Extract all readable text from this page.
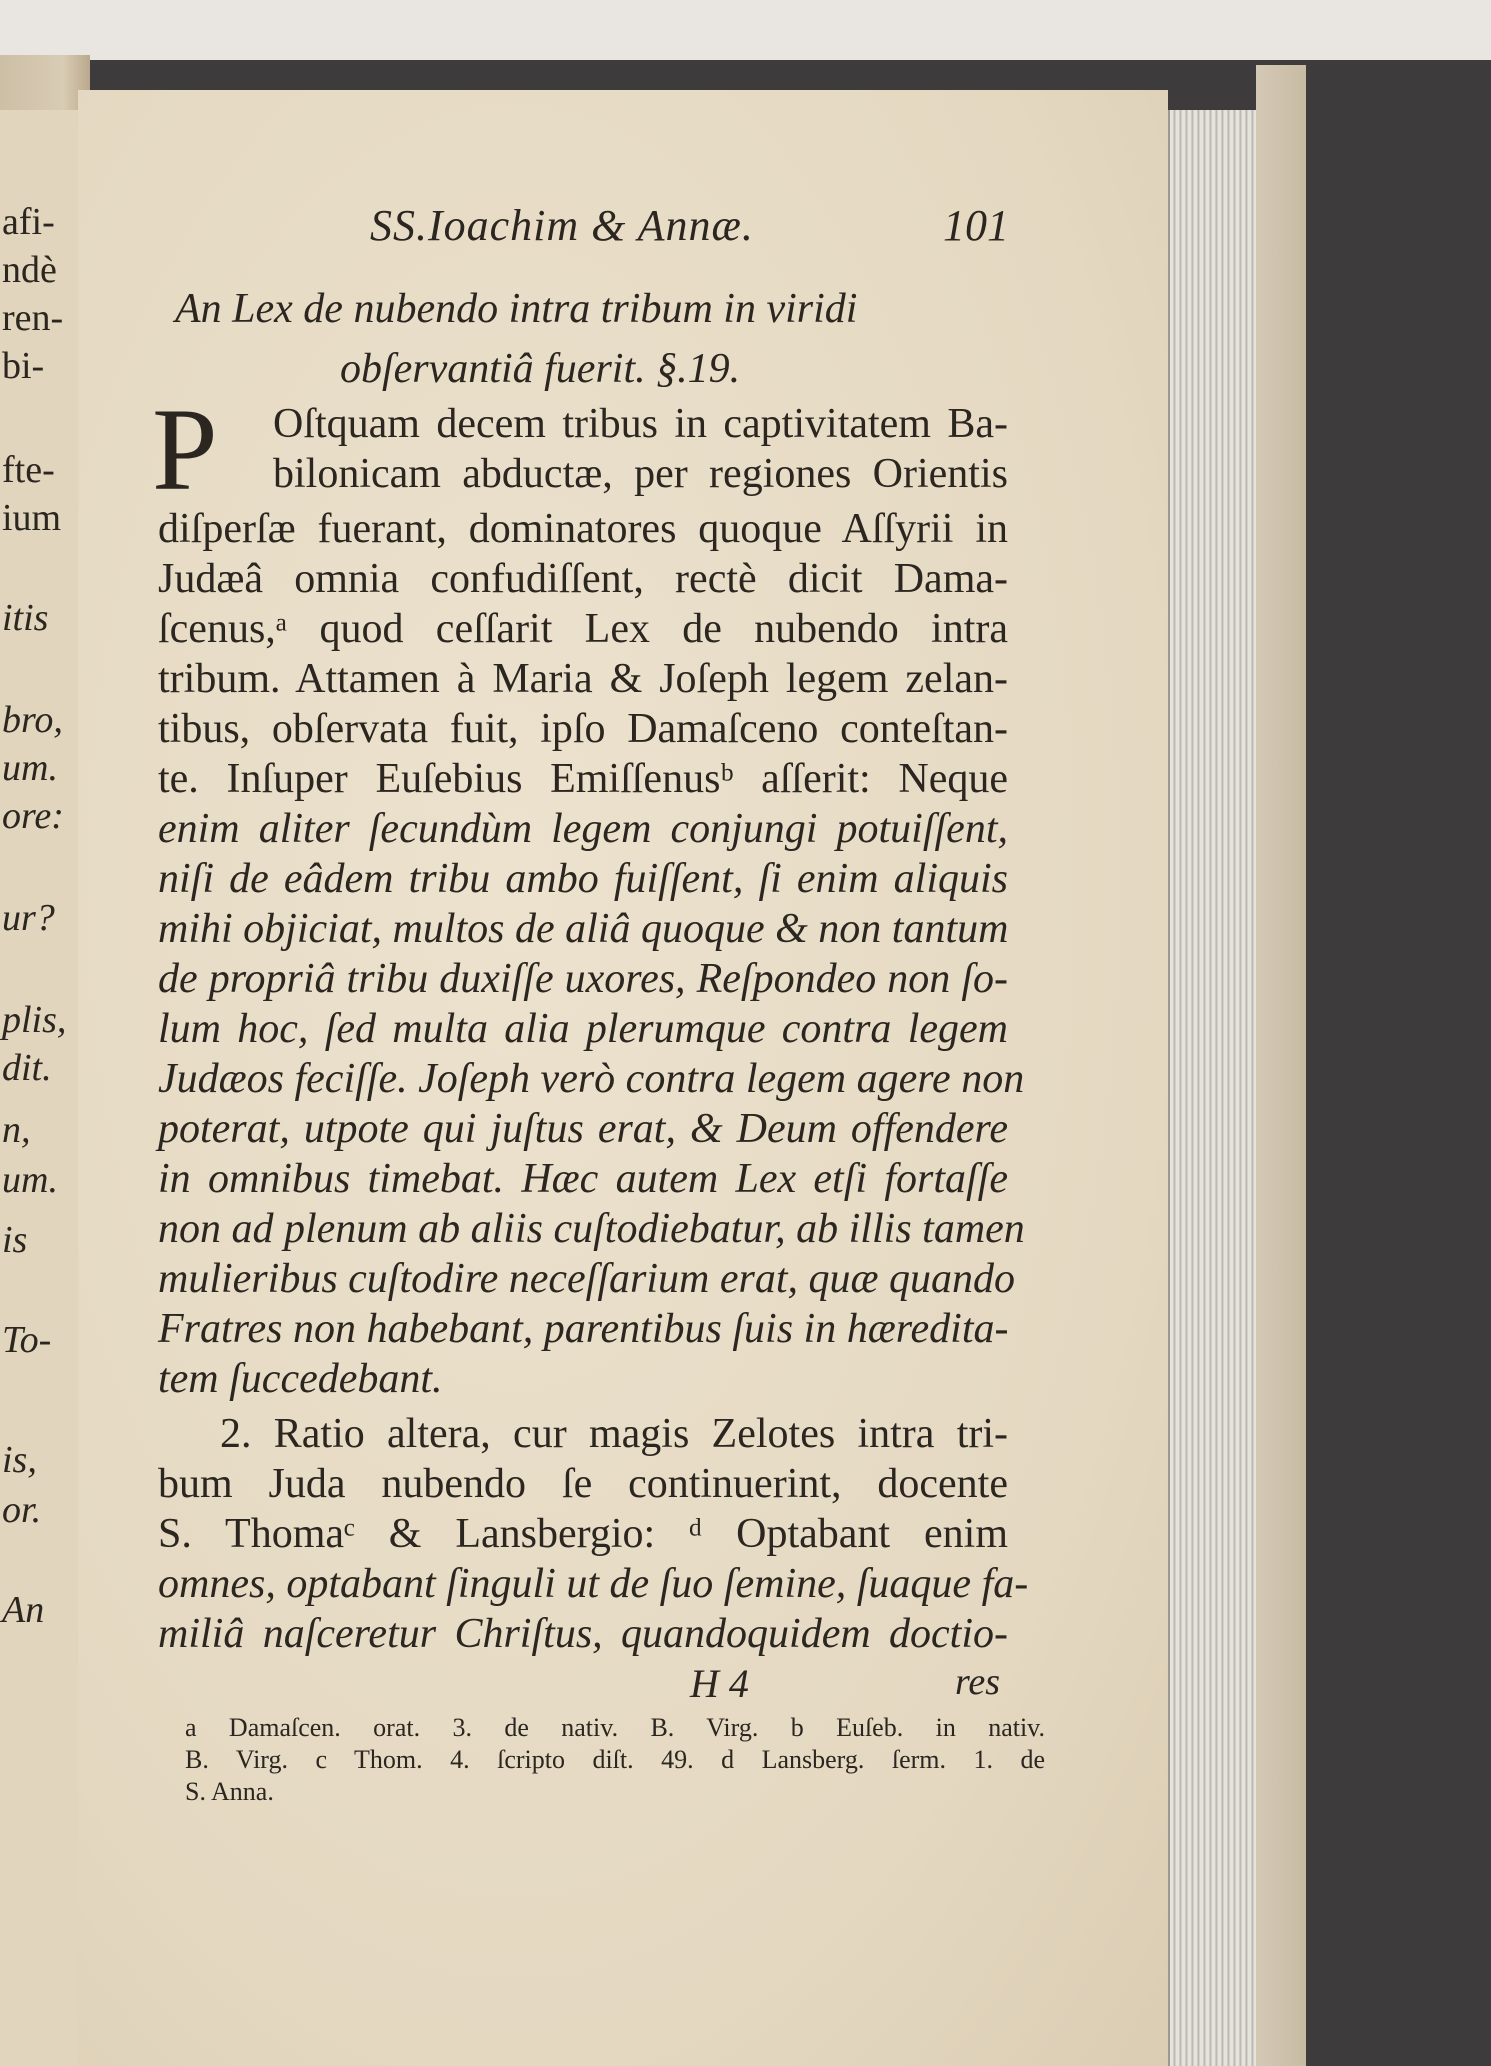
afi-
ndè
ren-
bi-
fte-
ium
itis
bro,
um.
ore:
ur?
plis,
dit.
n,
um.
is
To-
is,
or.
An
SS.Ioachim & Annæ.	101
An Lex de nubendo intra tribum in viridi
obſervantiâ fuerit. §.19.
P Oſtquam decem tribus in captivitatem Ba-
bilonicam abductæ, per regiones Orientis
diſperſæ fuerant, dominatores quoque Aſſyrii in
Judæâ omnia confudiſſent, rectè dicit Dama-
ſcenus,ᵃ quod ceſſarit Lex de nubendo intra
tribum. Attamen à Maria & Joſeph legem zelan-
tibus, obſervata fuit, ipſo Damaſceno conteſtan-
te. Inſuper Euſebius Emiſſenusᵇ aſſerit: Neque
enim aliter ſecundùm legem conjungi potuiſſent,
niſi de eâdem tribu ambo fuiſſent, ſi enim aliquis
mihi objiciat, multos de aliâ quoque & non tantum
de propriâ tribu duxiſſe uxores, Reſpondeo non ſo-
lum hoc, ſed multa alia plerumque contra legem
Judæos feciſſe. Joſeph verò contra legem agere non
poterat, utpote qui juſtus erat, & Deum offendere
in omnibus timebat. Hæc autem Lex etſi fortaſſe
non ad plenum ab aliis cuſtodiebatur, ab illis tamen
mulieribus cuſtodire neceſſarium erat, quæ quando
Fratres non habebant, parentibus ſuis in hæredita-
tem ſuccedebant.
2. Ratio altera, cur magis Zelotes intra tri-
bum Juda nubendo ſe continuerint, docente
S. Thomaᶜ & Lansbergio: ᵈ Optabant enim
omnes, optabant ſinguli ut de ſuo ſemine, ſuaque fa-
miliâ naſceretur Chriſtus, quandoquidem doctio-
H 4	res
a Damaſcen. orat. 3. de nativ. B. Virg. b Euſeb. in nativ.
B. Virg. c Thom. 4. ſcripto diſt. 49. d Lansberg. ſerm. 1. de
S. Anna.
